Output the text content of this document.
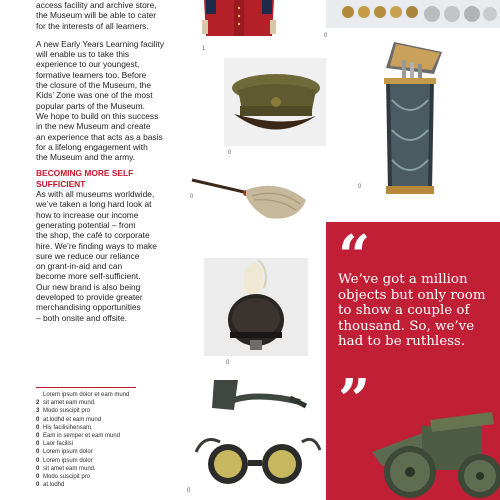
access facility and archive store,
the Museum will be able to cater
for the interests of all learners.
A new Early Years Learning facility
will enable us to take this
experience to our youngest,
formative learners too. Before
the closure of the Museum, the
Kids’ Zone was one of the most
popular parts of the Museum.
We hope to build on this success
in the new Museum and create
an experience that acts as a basis
for a lifelong engagement with
the Museum and the army.
BECOMING MORE SELF
SUFFICIENT
As with all museums worldwide,
we’ve taken a long hard look at
how to increase our income
generating potential – from
the shop, the café to corporate
hire. We’re finding ways to make
sure we reduce our reliance
on grant-in-aid and can
become more self-sufficient.
Our new brand is also being
developed to provide greater
merchandising opportunities
– both onsite and offsite.
Lorem ipsum dolor et eam mund
2 sit amet eam mund.
3 Modo suscipit pro
0 at.lodhd et eam mund
0 His facilisihensam,
0 Eam in semper et eam mund
0 Laor facilisi
0 Lorem ipsum dolor
0 Lorem ipsum dolor
0 sit amet eam mund.
0 Modo suscipit pro
0 at.lodhd
1
0
0
0
0
0
0
“
We’ve got a million objects but only room to show a couple of thousand. So, we’ve had to be ruthless.
”
